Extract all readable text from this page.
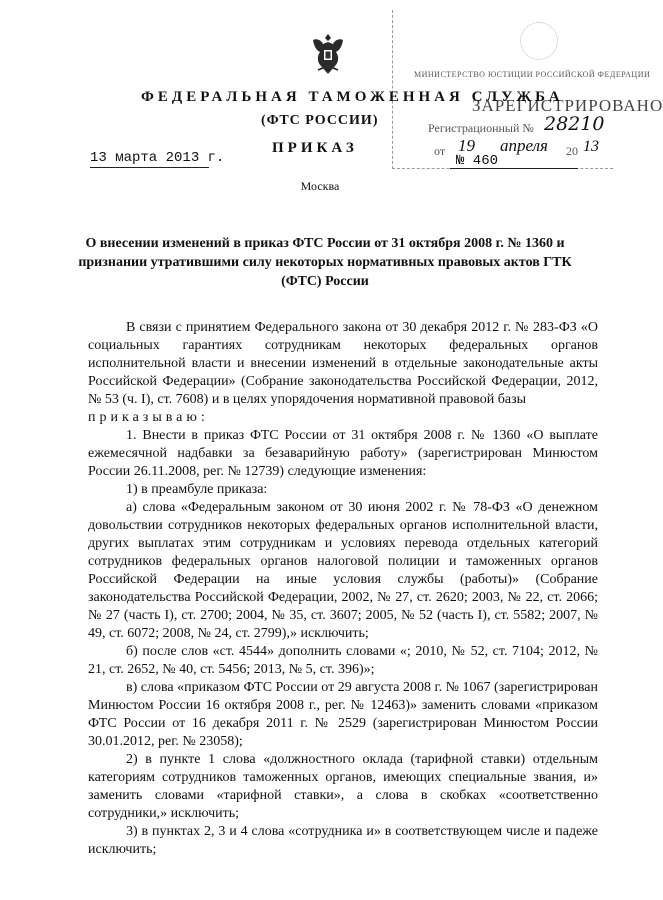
МИНИСТЕРСТВО ЮСТИЦИИ РОССИЙСКОЙ ФЕДЕРАЦИИ
ЗАРЕГИСТРИРОВАНО
Регистрационный № 28210
от 19 апреля 20 13
ФЕДЕРАЛЬНАЯ ТАМОЖЕННАЯ СЛУЖБА
(ФТС РОССИИ)
ПРИКАЗ
13 марта 2013 г.	№ 460
Москва
О внесении изменений в приказ ФТС России от 31 октября 2008 г. № 1360 и признании утратившими силу некоторых нормативных правовых актов ГТК (ФТС) России

В связи с принятием Федерального закона от 30 декабря 2012 г. № 283-ФЗ «О социальных гарантиях сотрудникам некоторых федеральных органов исполнительной власти и внесении изменений в отдельные законодательные акты Российской Федерации» (Собрание законодательства Российской Федерации, 2012, № 53 (ч. I), ст. 7608) и в целях упорядочения нормативной правовой базы

приказываю:

1. Внести в приказ ФТС России от 31 октября 2008 г. № 1360 «О выплате ежемесячной надбавки за безаварийную работу» (зарегистрирован Минюстом России 26.11.2008, рег. № 12739) следующие изменения:

1) в преамбуле приказа:

а) слова «Федеральным законом от 30 июня 2002 г. № 78-ФЗ «О денежном довольствии сотрудников некоторых федеральных органов исполнительной власти, других выплатах этим сотрудникам и условиях перевода отдельных категорий сотрудников федеральных органов налоговой полиции и таможенных органов Российской Федерации на иные условия службы (работы)» (Собрание законодательства Российской Федерации, 2002, № 27, ст. 2620; 2003, № 22, ст. 2066; № 27 (часть I), ст. 2700; 2004, № 35, ст. 3607; 2005, № 52 (часть I), ст. 5582; 2007, № 49, ст. 6072; 2008, № 24, ст. 2799),» исключить;

б) после слов «ст. 4544» дополнить словами «; 2010, № 52, ст. 7104; 2012, № 21, ст. 2652, № 40, ст. 5456; 2013, № 5, ст. 396)»;

в) слова «приказом ФТС России от 29 августа 2008 г. № 1067 (зарегистрирован Минюстом России 16 октября 2008 г., рег. № 12463)» заменить словами «приказом ФТС России от 16 декабря 2011 г. № 2529 (зарегистрирован Минюстом России 30.01.2012, рег. № 23058);

2) в пункте 1 слова «должностного оклада (тарифной ставки) отдельным категориям сотрудников таможенных органов, имеющих специальные звания, и» заменить словами «тарифной ставки», а слова в скобках «соответственно сотрудники,» исключить;

3) в пунктах 2, 3 и 4 слова «сотрудника и» в соответствующем числе и падеже исключить;
